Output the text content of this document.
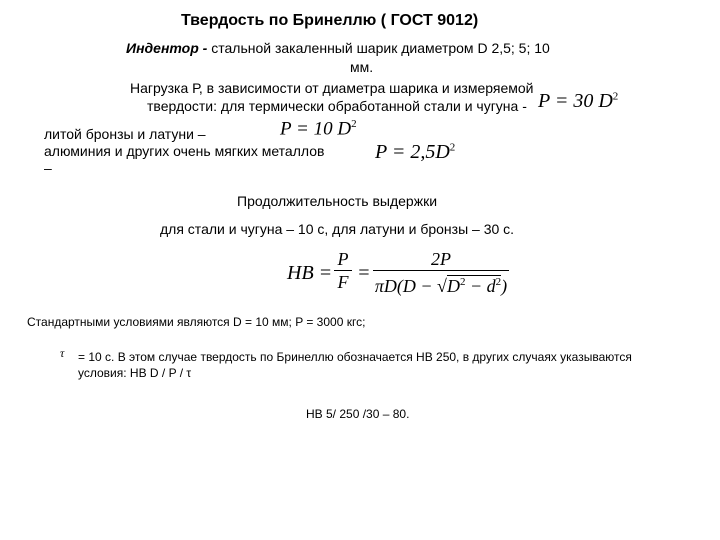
Твердость по Бринеллю ( ГОСТ 9012)
Индентор - стальной закаленный шарик диаметром D 2,5; 5; 10
мм.
Нагрузка Р, в зависимости от диаметра шарика и измеряемой
твердости: для термически обработанной стали и чугуна - P = 30 $D^2$
литой бронзы и латуни –	P = 10 $D^2$
алюминия и других очень мягких металлов
–
$P = 2,5D^2$
Продолжительность выдержки
для стали и чугуна – 10 с, для латуни и бронзы – 30 с.
HB =
P
F =
2P
$\pi D(D - √D^2 - d^2)$
Стандартными условиями являются D = 10 мм; P = 3000 кгс;
τ = 10 с. В этом случае твердость по Бринеллю обозначается НВ 250, в других случаях указываются
условия: HB D / P / τ
HB 5/ 250 /30 – 80.
